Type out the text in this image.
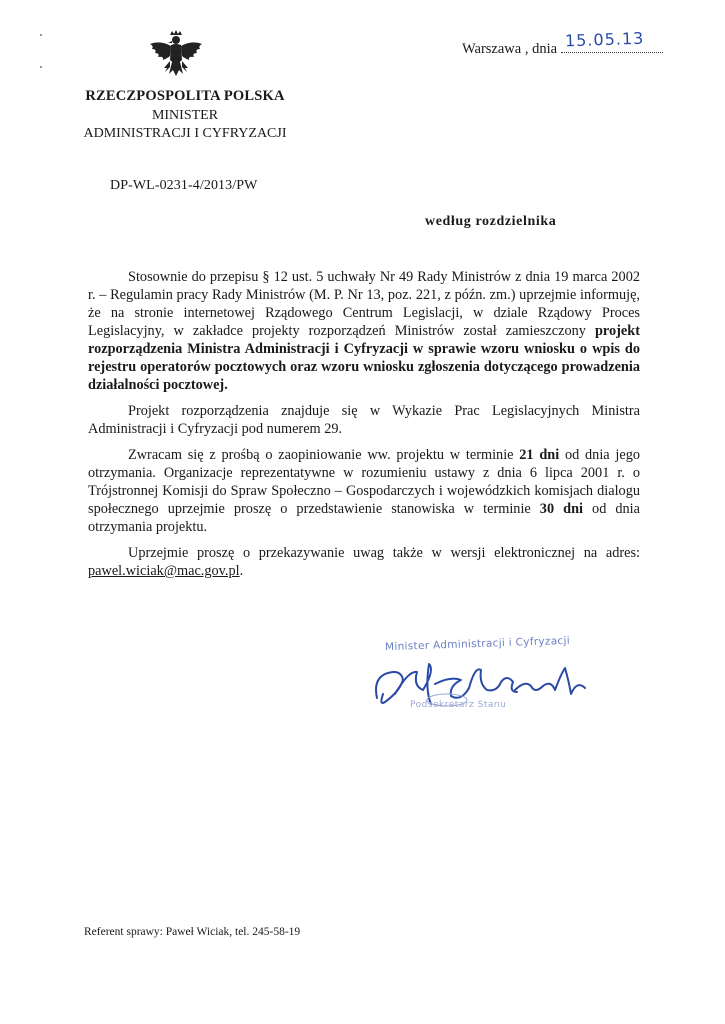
RZECZPOSPOLITA POLSKA
MINISTER
ADMINISTRACJI I CYFRYZACJI
Warszawa , dnia 15.05.13
DP-WL-0231-4/2013/PW
według rozdzielnika

Stosownie do przepisu § 12 ust. 5 uchwały Nr 49 Rady Ministrów z dnia 19 marca 2002 r. – Regulamin pracy Rady Ministrów (M. P. Nr 13, poz. 221, z późn. zm.) uprzejmie informuję, że na stronie internetowej Rządowego Centrum Legislacji, w dziale Rządowy Proces Legislacyjny, w zakładce projekty rozporządzeń Ministrów został zamieszczony projekt rozporządzenia Ministra Administracji i Cyfryzacji w sprawie wzoru wniosku o wpis do rejestru operatorów pocztowych oraz wzoru wniosku zgłoszenia dotyczącego prowadzenia działalności pocztowej.

Projekt rozporządzenia znajduje się w Wykazie Prac Legislacyjnych Ministra Administracji i Cyfryzacji pod numerem 29.

Zwracam się z prośbą o zaopiniowanie ww. projektu w terminie 21 dni od dnia jego otrzymania. Organizacje reprezentatywne w rozumieniu ustawy z dnia 6 lipca 2001 r. o Trójstronnej Komisji do Spraw Społeczno – Gospodarczych i wojewódzkich komisjach dialogu społecznego uprzejmie proszę o przedstawienie stanowiska w terminie 30 dni od dnia otrzymania projektu.

Uprzejmie proszę o przekazywanie uwag także w wersji elektronicznej na adres: pawel.wiciak@mac.gov.pl.

Minister Administracji i Cyfryzacji
Podsekretarz Stanu
Referent sprawy: Paweł Wiciak, tel. 245-58-19
